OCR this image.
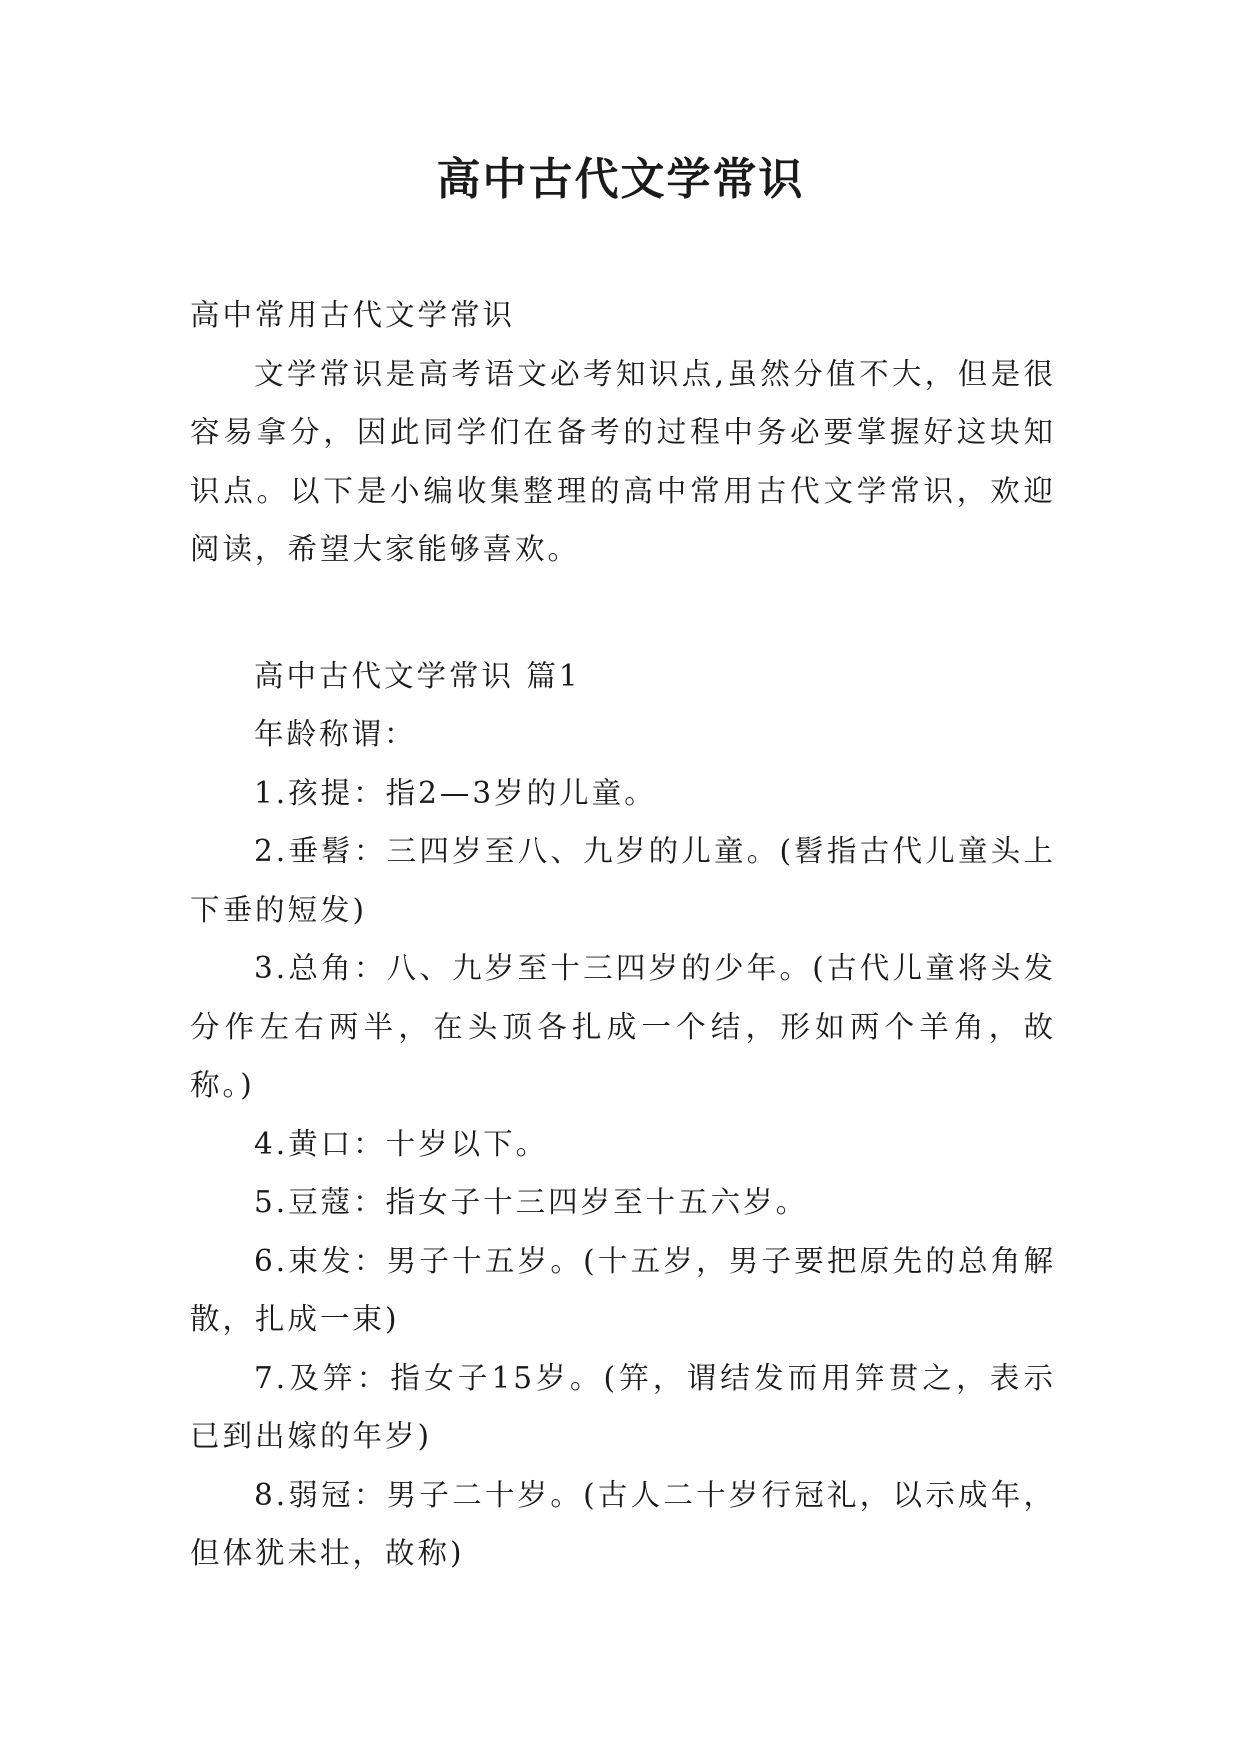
高中古代文学常识

高中常用古代文学常识

文学常识是高考语文必考知识点,虽然分值不大，但是很容易拿分，因此同学们在备考的过程中务必要掌握好这块知识点。以下是小编收集整理的高中常用古代文学常识，欢迎阅读，希望大家能够喜欢。

高中古代文学常识 篇1

年龄称谓：

1.孩提：指2—3岁的儿童。

2.垂髫：三四岁至八、九岁的儿童。(髫指古代儿童头上下垂的短发)

3.总角：八、九岁至十三四岁的少年。(古代儿童将头发分作左右两半，在头顶各扎成一个结，形如两个羊角，故称。)

4.黄口：十岁以下。

5.豆蔻：指女子十三四岁至十五六岁。

6.束发：男子十五岁。(十五岁，男子要把原先的总角解散，扎成一束)

7.及笄：指女子15岁。(笄，谓结发而用笄贯之，表示已到出嫁的年岁)

8.弱冠：男子二十岁。(古人二十岁行冠礼，以示成年，但体犹未壮，故称)
